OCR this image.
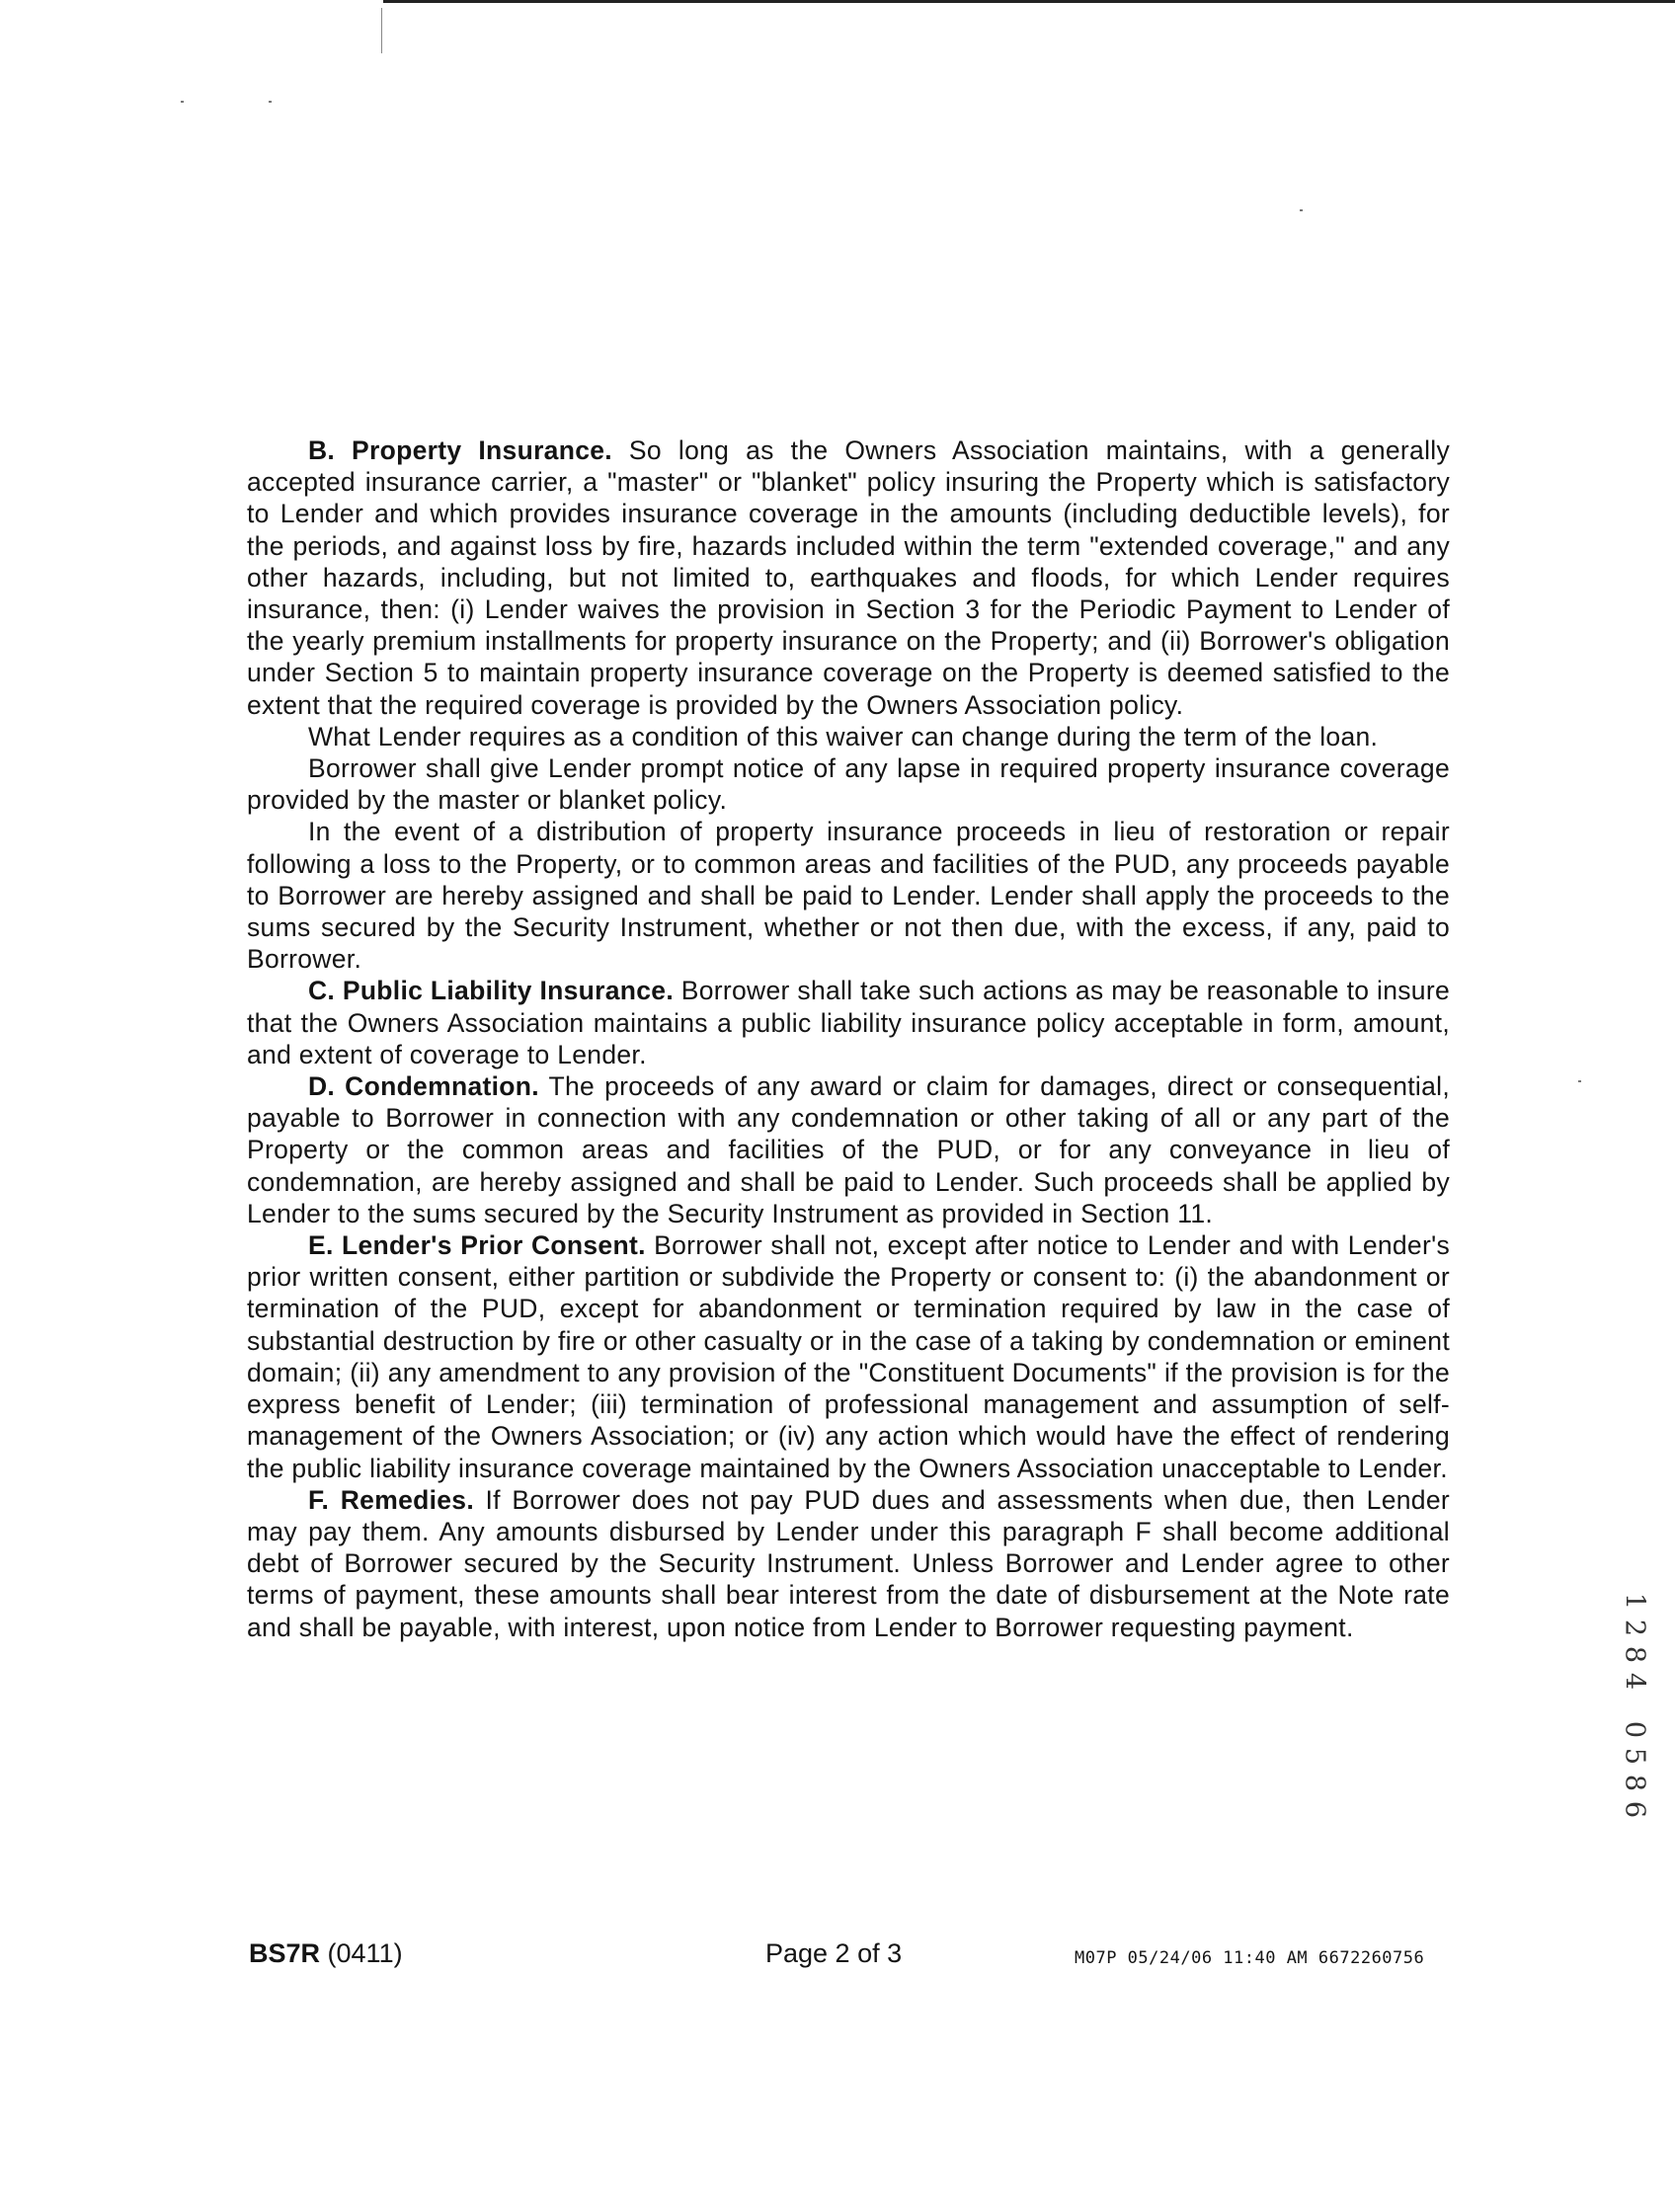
B. Property Insurance. So long as the Owners Association maintains, with a generally accepted insurance carrier, a "master" or "blanket" policy insuring the Property which is satisfactory to Lender and which provides insurance coverage in the amounts (including deductible levels), for the periods, and against loss by fire, hazards included within the term "extended coverage," and any other hazards, including, but not limited to, earthquakes and floods, for which Lender requires insurance, then: (i) Lender waives the provision in Section 3 for the Periodic Payment to Lender of the yearly premium installments for property insurance on the Property; and (ii) Borrower's obligation under Section 5 to maintain property insurance coverage on the Property is deemed satisfied to the extent that the required coverage is provided by the Owners Association policy.

What Lender requires as a condition of this waiver can change during the term of the loan.

Borrower shall give Lender prompt notice of any lapse in required property insurance coverage provided by the master or blanket policy.

In the event of a distribution of property insurance proceeds in lieu of restoration or repair following a loss to the Property, or to common areas and facilities of the PUD, any proceeds payable to Borrower are hereby assigned and shall be paid to Lender. Lender shall apply the proceeds to the sums secured by the Security Instrument, whether or not then due, with the excess, if any, paid to Borrower.

C. Public Liability Insurance. Borrower shall take such actions as may be reasonable to insure that the Owners Association maintains a public liability insurance policy acceptable in form, amount, and extent of coverage to Lender.

D. Condemnation. The proceeds of any award or claim for damages, direct or consequential, payable to Borrower in connection with any condemnation or other taking of all or any part of the Property or the common areas and facilities of the PUD, or for any conveyance in lieu of condemnation, are hereby assigned and shall be paid to Lender. Such proceeds shall be applied by Lender to the sums secured by the Security Instrument as provided in Section 11.

E. Lender's Prior Consent. Borrower shall not, except after notice to Lender and with Lender's prior written consent, either partition or subdivide the Property or consent to: (i) the abandonment or termination of the PUD, except for abandonment or termination required by law in the case of substantial destruction by fire or other casualty or in the case of a taking by condemnation or eminent domain; (ii) any amendment to any provision of the "Constituent Documents" if the provision is for the express benefit of Lender; (iii) termination of professional management and assumption of self-management of the Owners Association; or (iv) any action which would have the effect of rendering the public liability insurance coverage maintained by the Owners Association unacceptable to Lender.

F. Remedies. If Borrower does not pay PUD dues and assessments when due, then Lender may pay them. Any amounts disbursed by Lender under this paragraph F shall become additional debt of Borrower secured by the Security Instrument. Unless Borrower and Lender agree to other terms of payment, these amounts shall bear interest from the date of disbursement at the Note rate and shall be payable, with interest, upon notice from Lender to Borrower requesting payment.

BS7R (0411)	Page 2 of 3	M07P 05/24/06 11:40 AM 6672260756
1
2
8
4
0
5
8
6
